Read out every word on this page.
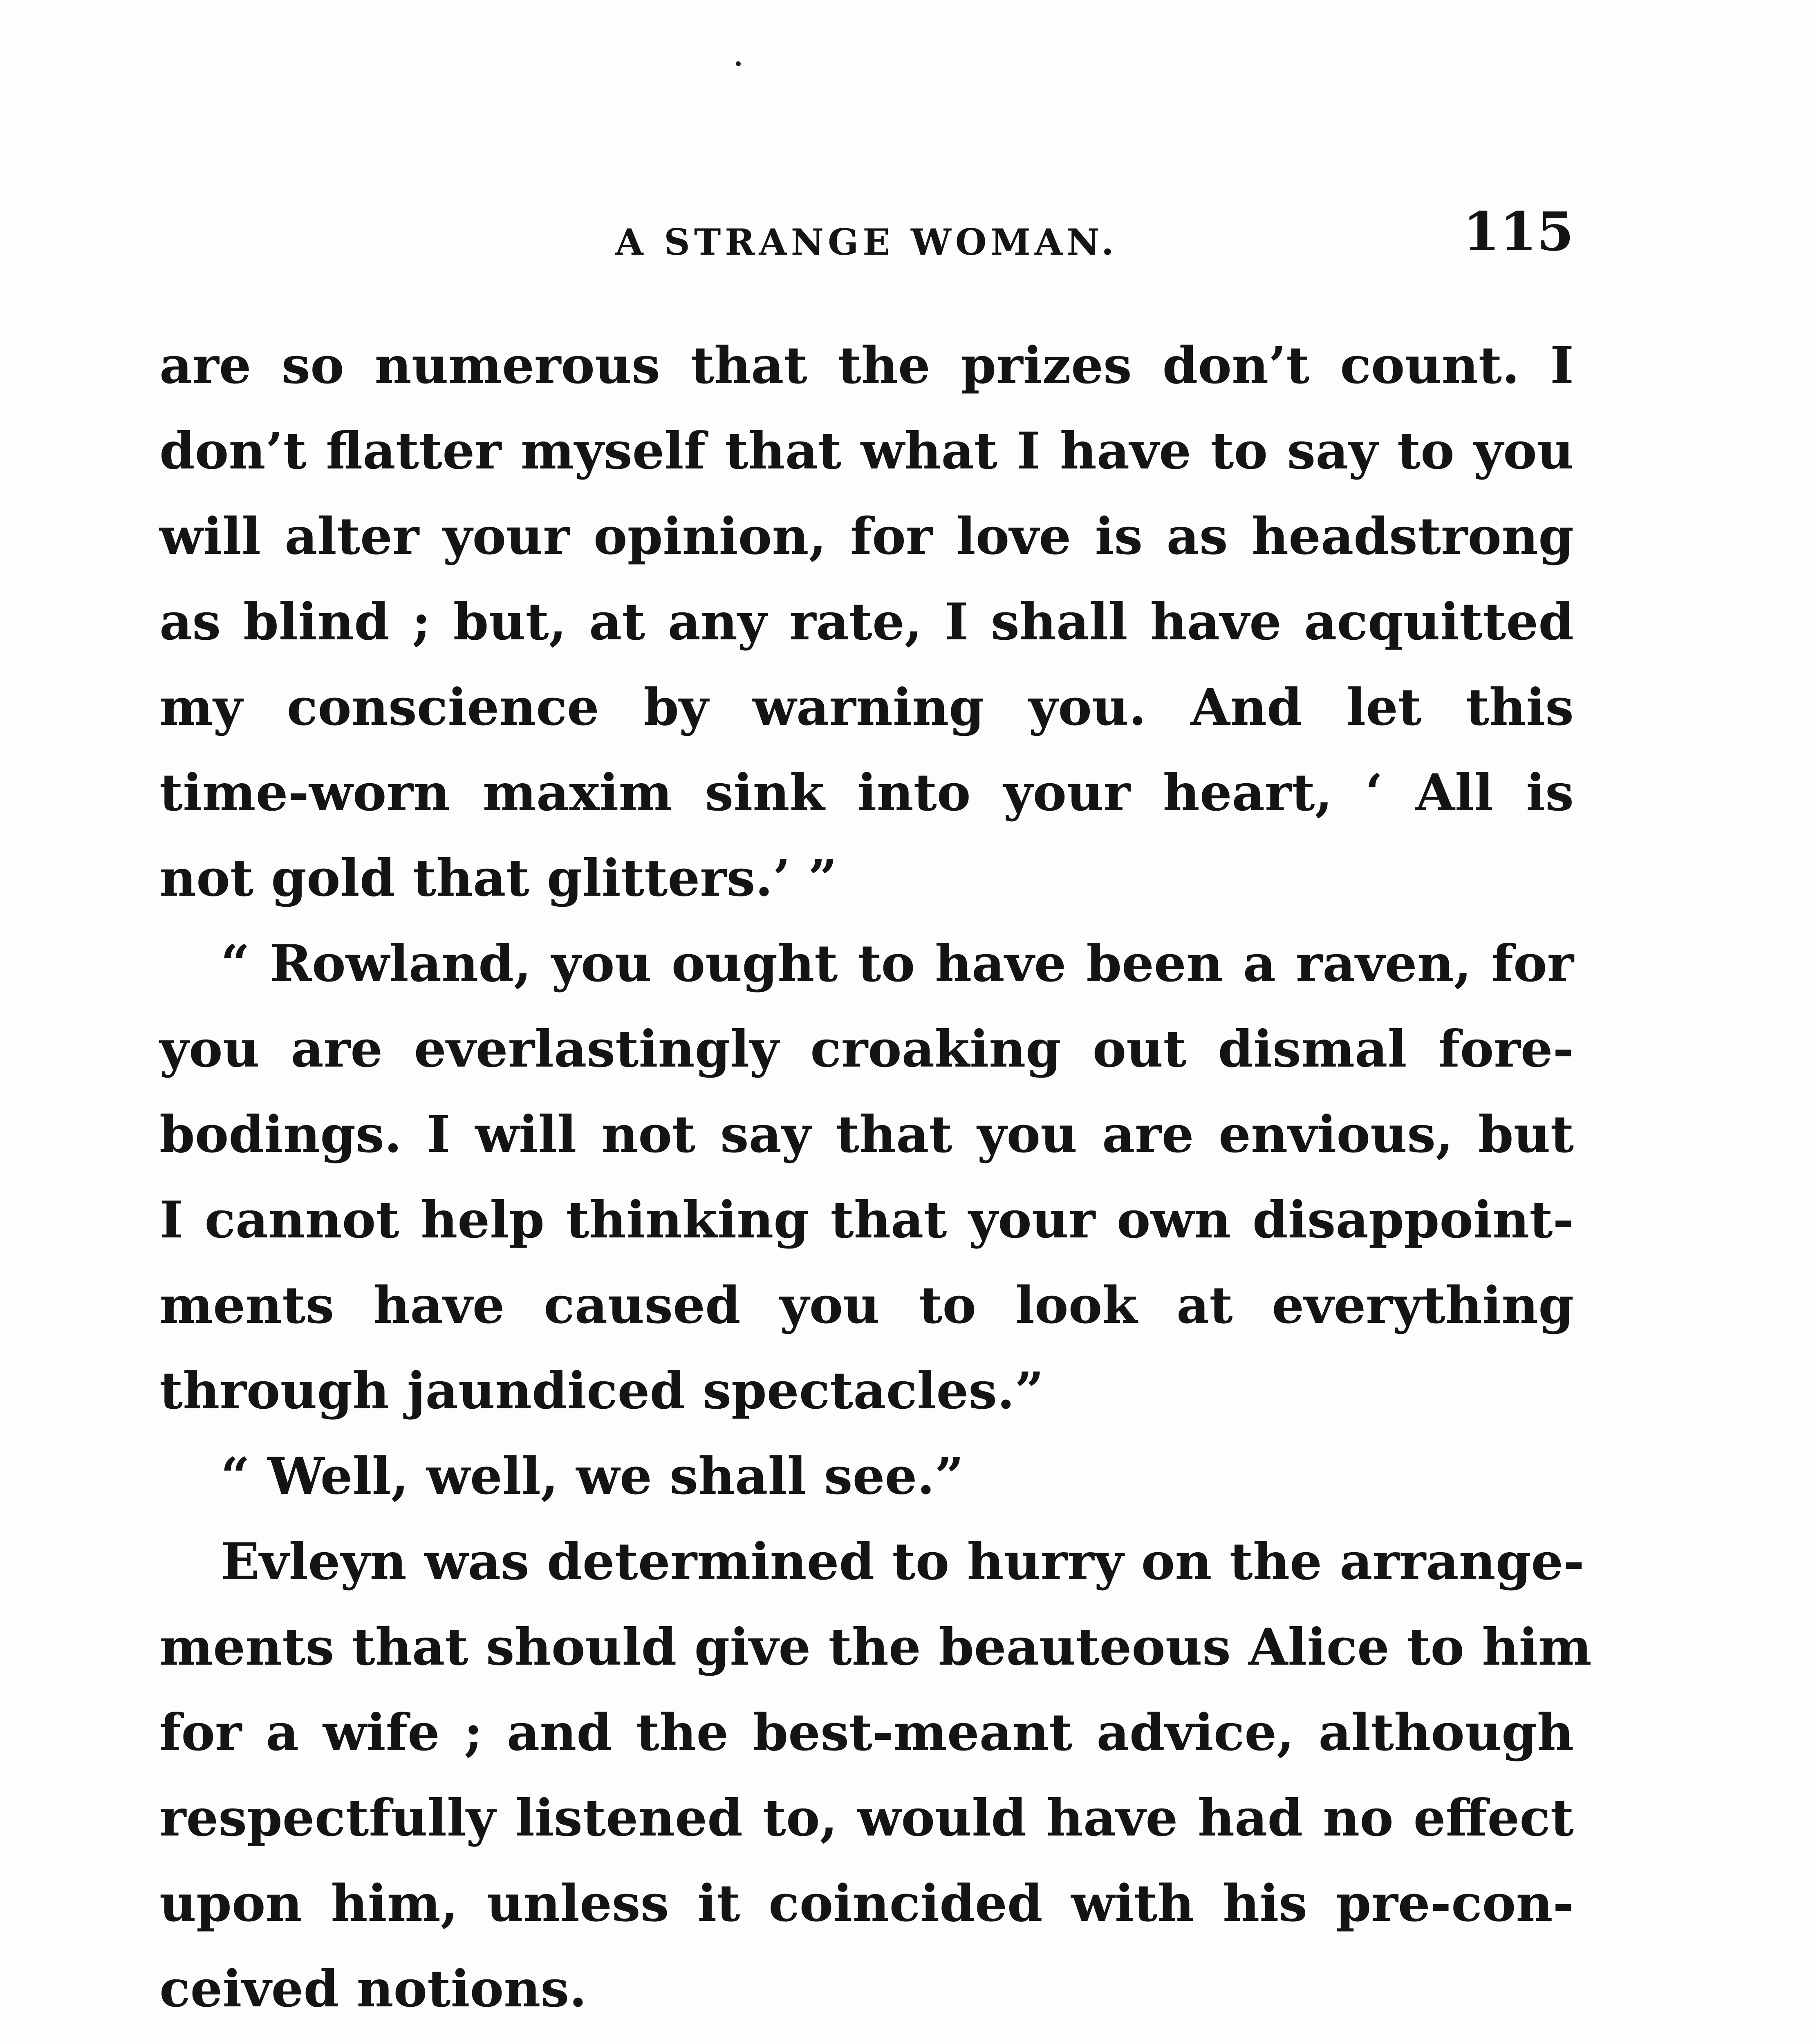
A STRANGE WOMAN.	115
are so numerous that the prizes don’t count. I
don’t flatter myself that what I have to say to you
will alter your opinion, for love is as headstrong
as blind ; but, at any rate, I shall have acquitted
my conscience by warning you. And let this
time-worn maxim sink into your heart, ‘ All is
not gold that glitters.’ ”
“ Rowland, you ought to have been a raven, for
you are everlastingly croaking out dismal fore-
bodings. I will not say that you are envious, but
I cannot help thinking that your own disappoint-
ments have caused you to look at everything
through jaundiced spectacles.”
“ Well, well, we shall see.”
Evleyn was determined to hurry on the arrange-
ments that should give the beauteous Alice to him
for a wife ; and the best-meant advice, although
respectfully listened to, would have had no effect
upon him, unless it coincided with his pre-con-
ceived notions.
